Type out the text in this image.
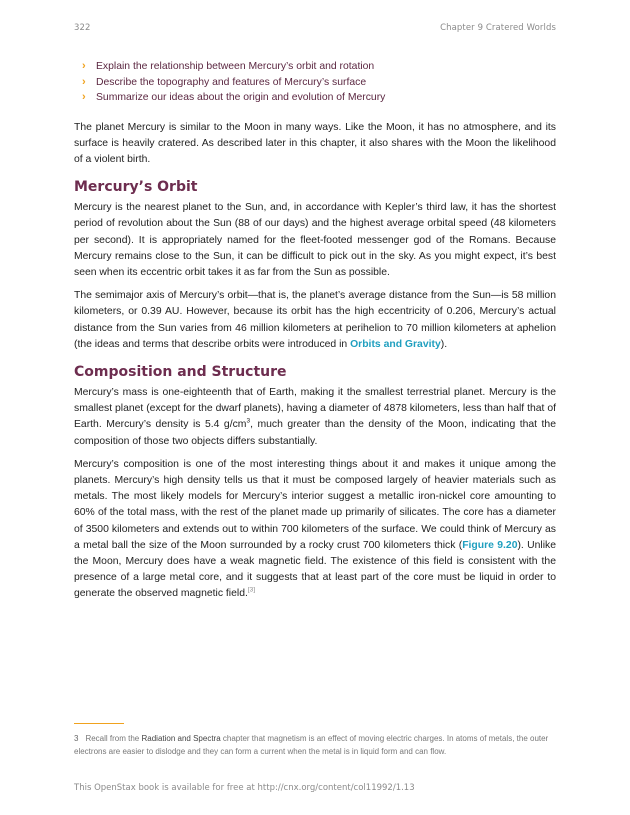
322	Chapter 9 Cratered Worlds
› Explain the relationship between Mercury’s orbit and rotation
› Describe the topography and features of Mercury’s surface
› Summarize our ideas about the origin and evolution of Mercury

The planet Mercury is similar to the Moon in many ways. Like the Moon, it has no atmosphere, and its surface is heavily cratered. As described later in this chapter, it also shares with the Moon the likelihood of a violent birth.

Mercury’s Orbit

Mercury is the nearest planet to the Sun, and, in accordance with Kepler’s third law, it has the shortest period of revolution about the Sun (88 of our days) and the highest average orbital speed (48 kilometers per second). It is appropriately named for the fleet-footed messenger god of the Romans. Because Mercury remains close to the Sun, it can be difficult to pick out in the sky. As you might expect, it’s best seen when its eccentric orbit takes it as far from the Sun as possible.

The semimajor axis of Mercury’s orbit—that is, the planet’s average distance from the Sun—is 58 million kilometers, or 0.39 AU. However, because its orbit has the high eccentricity of 0.206, Mercury’s actual distance from the Sun varies from 46 million kilometers at perihelion to 70 million kilometers at aphelion (the ideas and terms that describe orbits were introduced in Orbits and Gravity).

Composition and Structure

Mercury’s mass is one-eighteenth that of Earth, making it the smallest terrestrial planet. Mercury is the smallest planet (except for the dwarf planets), having a diameter of 4878 kilometers, less than half that of Earth. Mercury’s density is 5.4 $g/cm^3$, much greater than the density of the Moon, indicating that the composition of those two objects differs substantially.

Mercury’s composition is one of the most interesting things about it and makes it unique among the planets. Mercury’s high density tells us that it must be composed largely of heavier materials such as metals. The most likely models for Mercury’s interior suggest a metallic iron-nickel core amounting to 60% of the total mass, with the rest of the planet made up primarily of silicates. The core has a diameter of 3500 kilometers and extends out to within 700 kilometers of the surface. We could think of Mercury as a metal ball the size of the Moon surrounded by a rocky crust 700 kilometers thick (Figure 9.20). Unlike the Moon, Mercury does have a weak magnetic field. The existence of this field is consistent with the presence of a large metal core, and it suggests that at least part of the core must be liquid in order to generate the observed magnetic field.[3]

3 Recall from the Radiation and Spectra chapter that magnetism is an effect of moving electric charges. In atoms of metals, the outer electrons are easier to dislodge and they can form a current when the metal is in liquid form and can flow.
This OpenStax book is available for free at http://cnx.org/content/col11992/1.13
